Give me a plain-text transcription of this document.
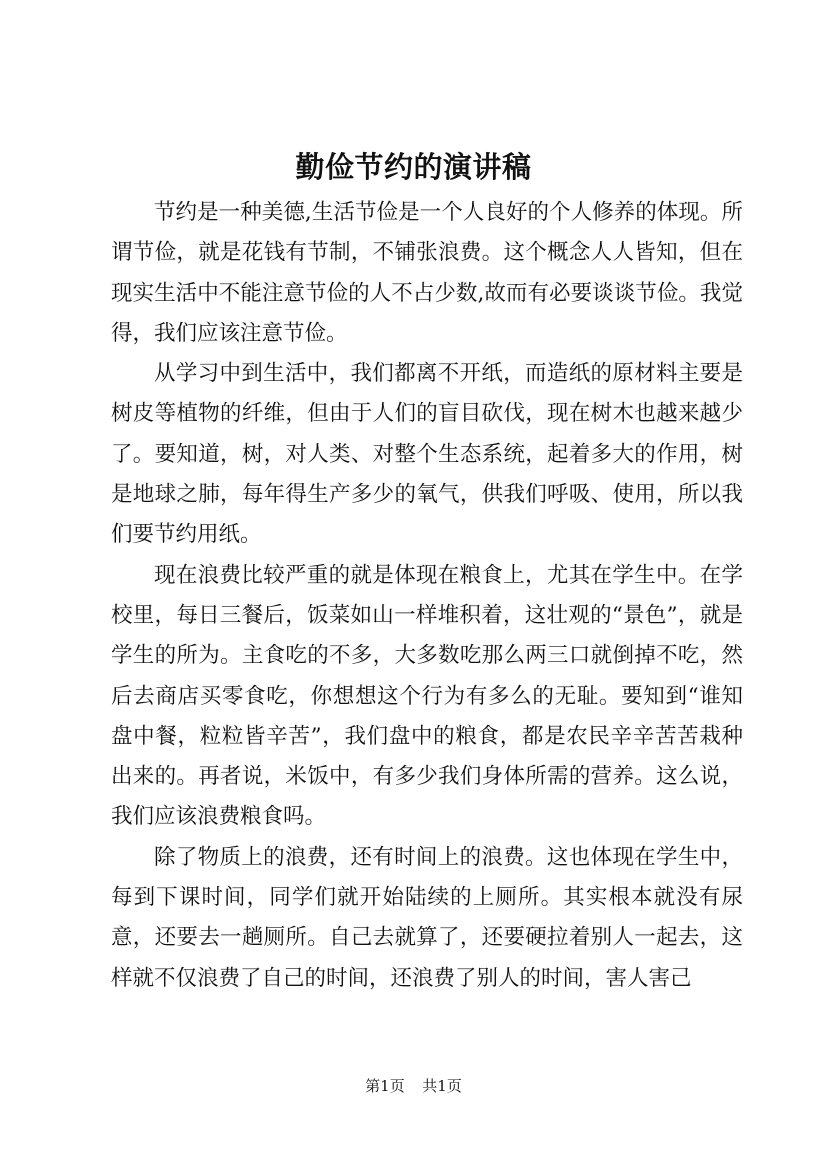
勤俭节约的演讲稿

节约是一种美德,生活节俭是一个人良好的个人修养的体现。所谓节俭，就是花钱有节制，不铺张浪费。这个概念人人皆知，但在现实生活中不能注意节俭的人不占少数,故而有必要谈谈节俭。我觉得，我们应该注意节俭。

从学习中到生活中，我们都离不开纸，而造纸的原材料主要是树皮等植物的纤维，但由于人们的盲目砍伐，现在树木也越来越少了。要知道，树，对人类、对整个生态系统，起着多大的作用，树是地球之肺，每年得生产多少的氧气，供我们呼吸、使用，所以我们要节约用纸。

现在浪费比较严重的就是体现在粮食上，尤其在学生中。在学校里，每日三餐后，饭菜如山一样堆积着，这壮观的“景色”，就是学生的所为。主食吃的不多，大多数吃那么两三口就倒掉不吃，然后去商店买零食吃，你想想这个行为有多么的无耻。要知到“谁知盘中餐，粒粒皆辛苦”，我们盘中的粮食，都是农民辛辛苦苦栽种出来的。再者说，米饭中，有多少我们身体所需的营养。这么说，我们应该浪费粮食吗。

除了物质上的浪费，还有时间上的浪费。这也体现在学生中，每到下课时间，同学们就开始陆续的上厕所。其实根本就没有尿意，还要去一趟厕所。自己去就算了，还要硬拉着别人一起去，这样就不仅浪费了自己的时间，还浪费了别人的时间，害人害己

第1页 共1页
